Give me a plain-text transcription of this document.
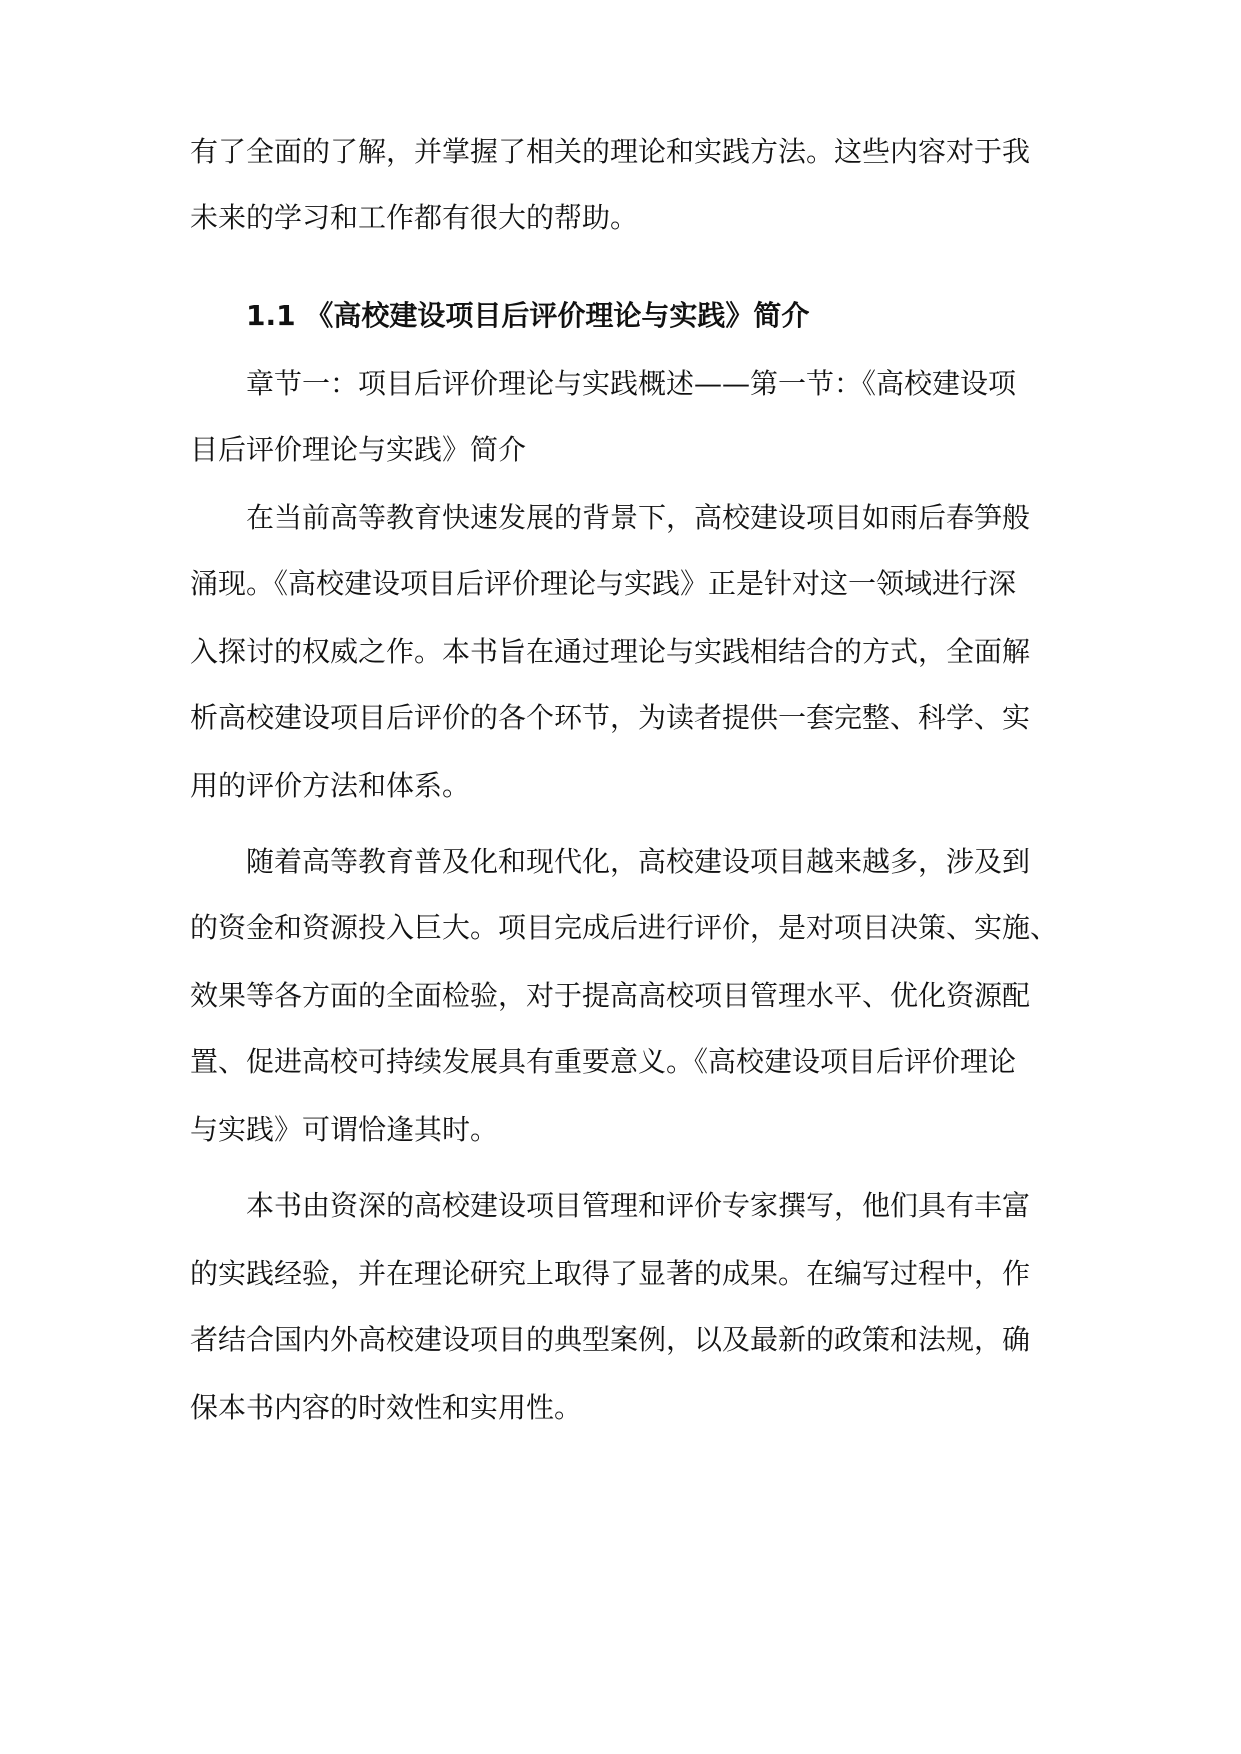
有了全面的了解，并掌握了相关的理论和实践方法。这些内容对于我
未来的学习和工作都有很大的帮助。
1.1 《高校建设项目后评价理论与实践》简介
章节一：项目后评价理论与实践概述——第一节：《高校建设项
目后评价理论与实践》简介
在当前高等教育快速发展的背景下，高校建设项目如雨后春笋般
涌现。《高校建设项目后评价理论与实践》正是针对这一领域进行深
入探讨的权威之作。本书旨在通过理论与实践相结合的方式，全面解
析高校建设项目后评价的各个环节，为读者提供一套完整、科学、实
用的评价方法和体系。
随着高等教育普及化和现代化，高校建设项目越来越多，涉及到
的资金和资源投入巨大。项目完成后进行评价，是对项目决策、实施、
效果等各方面的全面检验，对于提高高校项目管理水平、优化资源配
置、促进高校可持续发展具有重要意义。《高校建设项目后评价理论
与实践》可谓恰逢其时。
本书由资深的高校建设项目管理和评价专家撰写，他们具有丰富
的实践经验，并在理论研究上取得了显著的成果。在编写过程中，作
者结合国内外高校建设项目的典型案例，以及最新的政策和法规，确
保本书内容的时效性和实用性。
